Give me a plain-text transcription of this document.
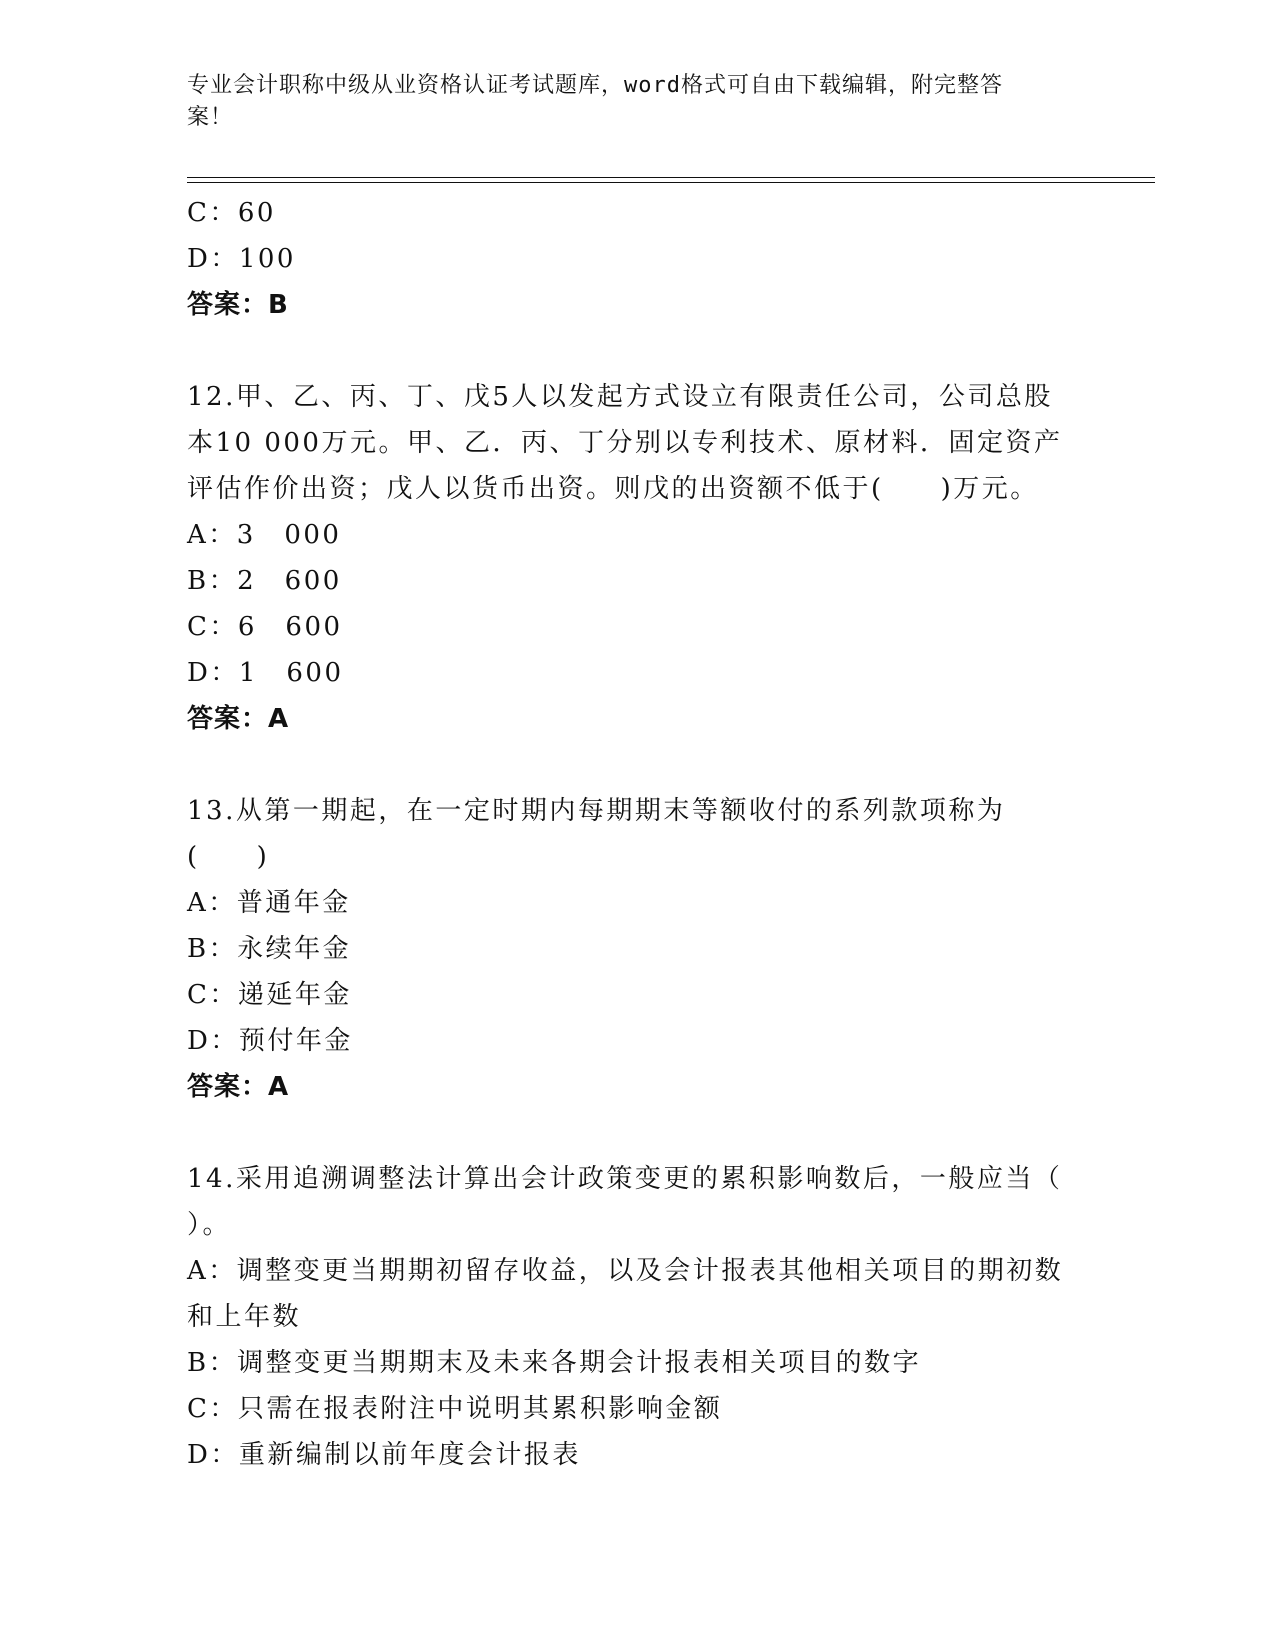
专业会计职称中级从业资格认证考试题库，word格式可自由下载编辑，附完整答
案！
C：60
D：100
答案：B
12.甲、乙、丙、丁、戊5人以发起方式设立有限责任公司，公司总股
本10 000万元。甲、乙．丙、丁分别以专利技术、原材料．固定资产
评估作价出资；戊人以货币出资。则戊的出资额不低于(　　)万元。
A：3　000
B：2　600
C：6　600
D：1　600
答案：A
13.从第一期起，在一定时期内每期期末等额收付的系列款项称为
(　　)
A：普通年金
B：永续年金
C：递延年金
D：预付年金
答案：A
14.采用追溯调整法计算出会计政策变更的累积影响数后，一般应当（
）。
A：调整变更当期期初留存收益，以及会计报表其他相关项目的期初数
和上年数
B：调整变更当期期末及未来各期会计报表相关项目的数字
C：只需在报表附注中说明其累积影响金额
D：重新编制以前年度会计报表
